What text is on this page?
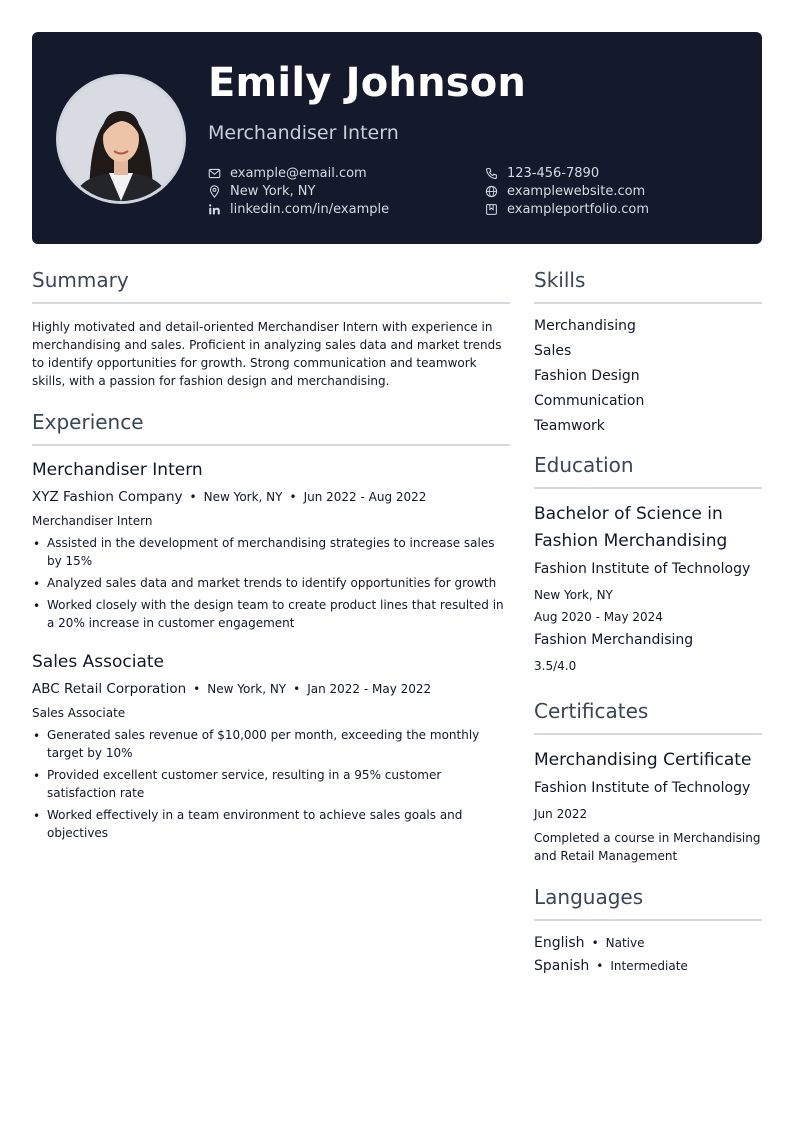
Emily Johnson
Merchandiser Intern
example@email.com
New York, NY
linkedin.com/in/example
123-456-7890
examplewebsite.com
exampleportfolio.com
Summary

Highly motivated and detail-oriented Merchandiser Intern with experience in merchandising and sales. Proficient in analyzing sales data and market trends to identify opportunities for growth. Strong communication and teamwork skills, with a passion for fashion design and merchandising.

Experience
Merchandiser Intern
XYZ Fashion Company • New York, NY • Jun 2022 - Aug 2022
Merchandiser Intern
• Assisted in the development of merchandising strategies to increase sales by 15%
• Analyzed sales data and market trends to identify opportunities for growth
• Worked closely with the design team to create product lines that resulted in a 20% increase in customer engagement
Sales Associate
ABC Retail Corporation • New York, NY • Jan 2022 - May 2022
Sales Associate
• Generated sales revenue of $10,000 per month, exceeding the monthly target by 10%
• Provided excellent customer service, resulting in a 95% customer satisfaction rate
• Worked effectively in a team environment to achieve sales goals and objectives
Skills
Merchandising
Sales
Fashion Design
Communication
Teamwork
Education
Bachelor of Science in Fashion Merchandising
Fashion Institute of Technology
New York, NY
Aug 2020 - May 2024
Fashion Merchandising
3.5/4.0
Certificates
Merchandising Certificate
Fashion Institute of Technology
Jun 2022
Completed a course in Merchandising and Retail Management
Languages
English • Native
Spanish • Intermediate
